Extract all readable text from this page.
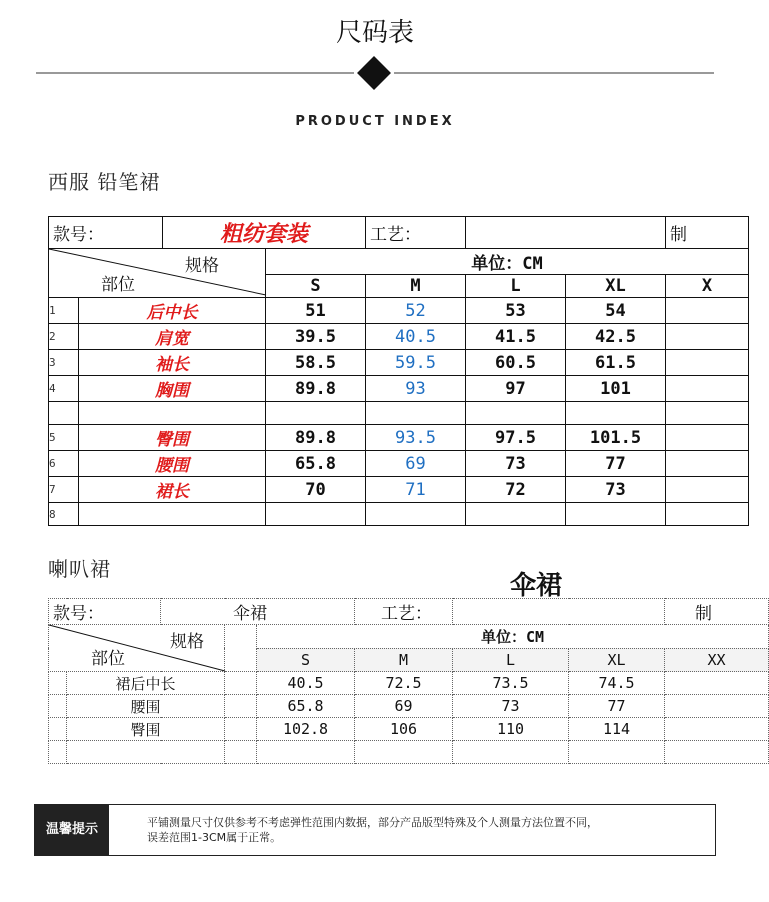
尺码表
PRODUCT INDEX
西服 铅笔裙
款号：		粗纺套装		工艺：			制

规格
部位			单位：CM				
			S	M	L	XL	X
1	后中长		51	52	53	54	
2	肩宽		39.5	40.5	41.5	42.5	
3	袖长		58.5	59.5	60.5	61.5	
4	胸围		89.8	93	97	101	

5	臀围		89.8	93.5	97.5	101.5	
6	腰围		65.8	69	73	77	
7	裙长		70	71	72	73	
8							
喇叭裙
伞裙
款号：		伞裙			工艺：			制

规格
部位				单位：CM				
				S	M	L	XL	XX
	裙后中长			40.5	72.5	73.5	74.5	
	腰围			65.8	69	73	77	
	臀围			102.8	106	110	114	

温馨提示	平铺测量尺寸仅供参考不考虑弹性范围内数据，部分产品版型特殊及个人测量方法位置不同，
误差范围1-3CM属于正常。
